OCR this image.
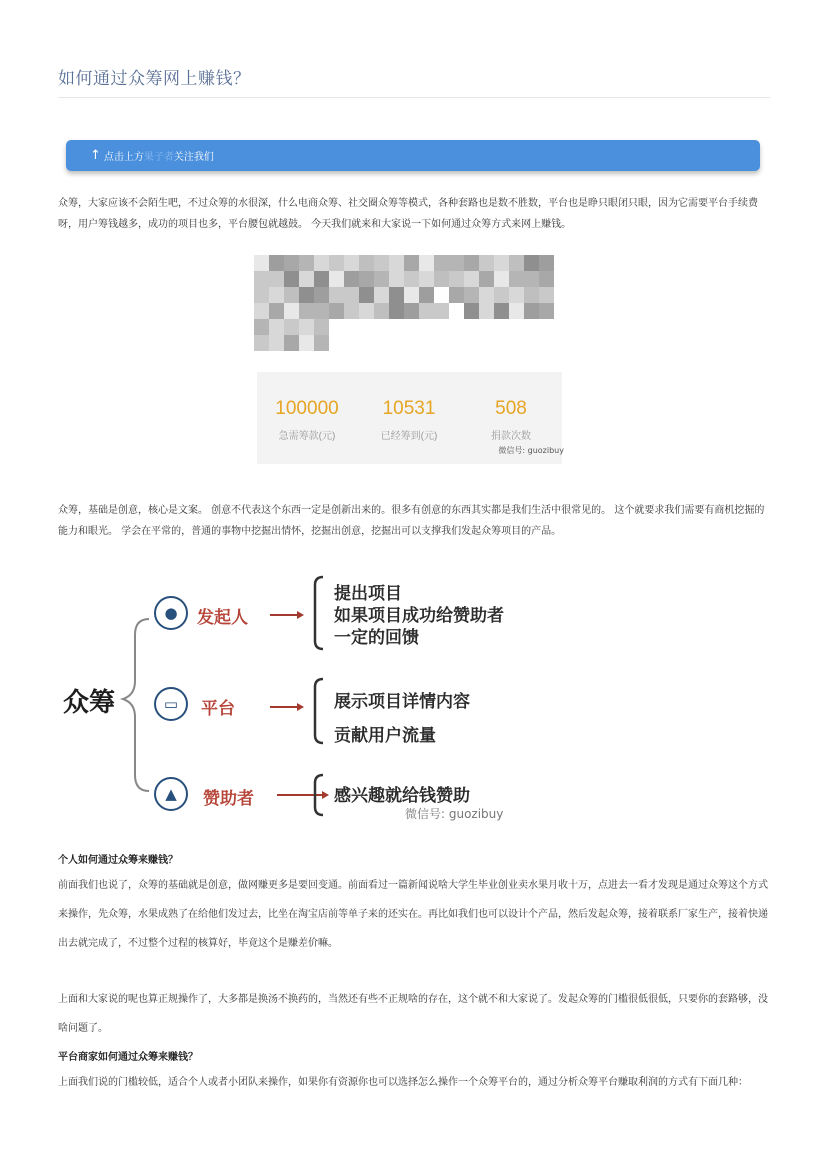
如何通过众筹网上赚钱？
↑ 点击上方 果子者 关注我们

众筹，大家应该不会陌生吧，不过众筹的水很深，什么电商众筹、社交圈众筹等模式，各种套路也是数不胜数，平台也是睁只眼闭只眼，因为它需要平台手续费呀，用户筹钱越多，成功的项目也多，平台腰包就越鼓。 今天我们就来和大家说一下如何通过众筹方式来网上赚钱。

100000
急需筹款(元)
10531
已经筹到(元)
508
捐款次数
微信号: guozibuy

众筹，基础是创意，核心是文案。 创意不代表这个东西一定是创新出来的。很多有创意的东西其实都是我们生活中很常见的。 这个就要求我们需要有商机挖掘的能力和眼光。 学会在平常的，普通的事物中挖掘出情怀，挖掘出创意，挖掘出可以支撑我们发起众筹项目的产品。

众筹
●
▭
▲
发起人
平台
赞助者
提出项目
如果项目成功给赞助者
一定的回馈
展示项目详情内容
贡献用户流量
感兴趣就给钱赞助
微信号: guozibuy
个人如何通过众筹来赚钱？

前面我们也说了，众筹的基础就是创意，做网赚更多是要回变通。前面看过一篇新闻说啥大学生毕业创业卖水果月收十万，点进去一看才发现是通过众筹这个方式来操作，先众筹，水果成熟了在给他们发过去，比坐在淘宝店前等单子来的还实在。再比如我们也可以设计个产品，然后发起众筹，接着联系厂家生产，接着快递出去就完成了，不过整个过程的核算好，毕竟这个是赚差价嘛。

上面和大家说的呢也算正规操作了，大多都是换汤不换药的，当然还有些不正规啥的存在，这个就不和大家说了。发起众筹的门槛很低很低，只要你的套路够，没啥问题了。

平台商家如何通过众筹来赚钱？

上面我们说的门槛较低，适合个人或者小团队来操作，如果你有资源你也可以选择怎么操作一个众筹平台的，通过分析众筹平台赚取利润的方式有下面几种：
